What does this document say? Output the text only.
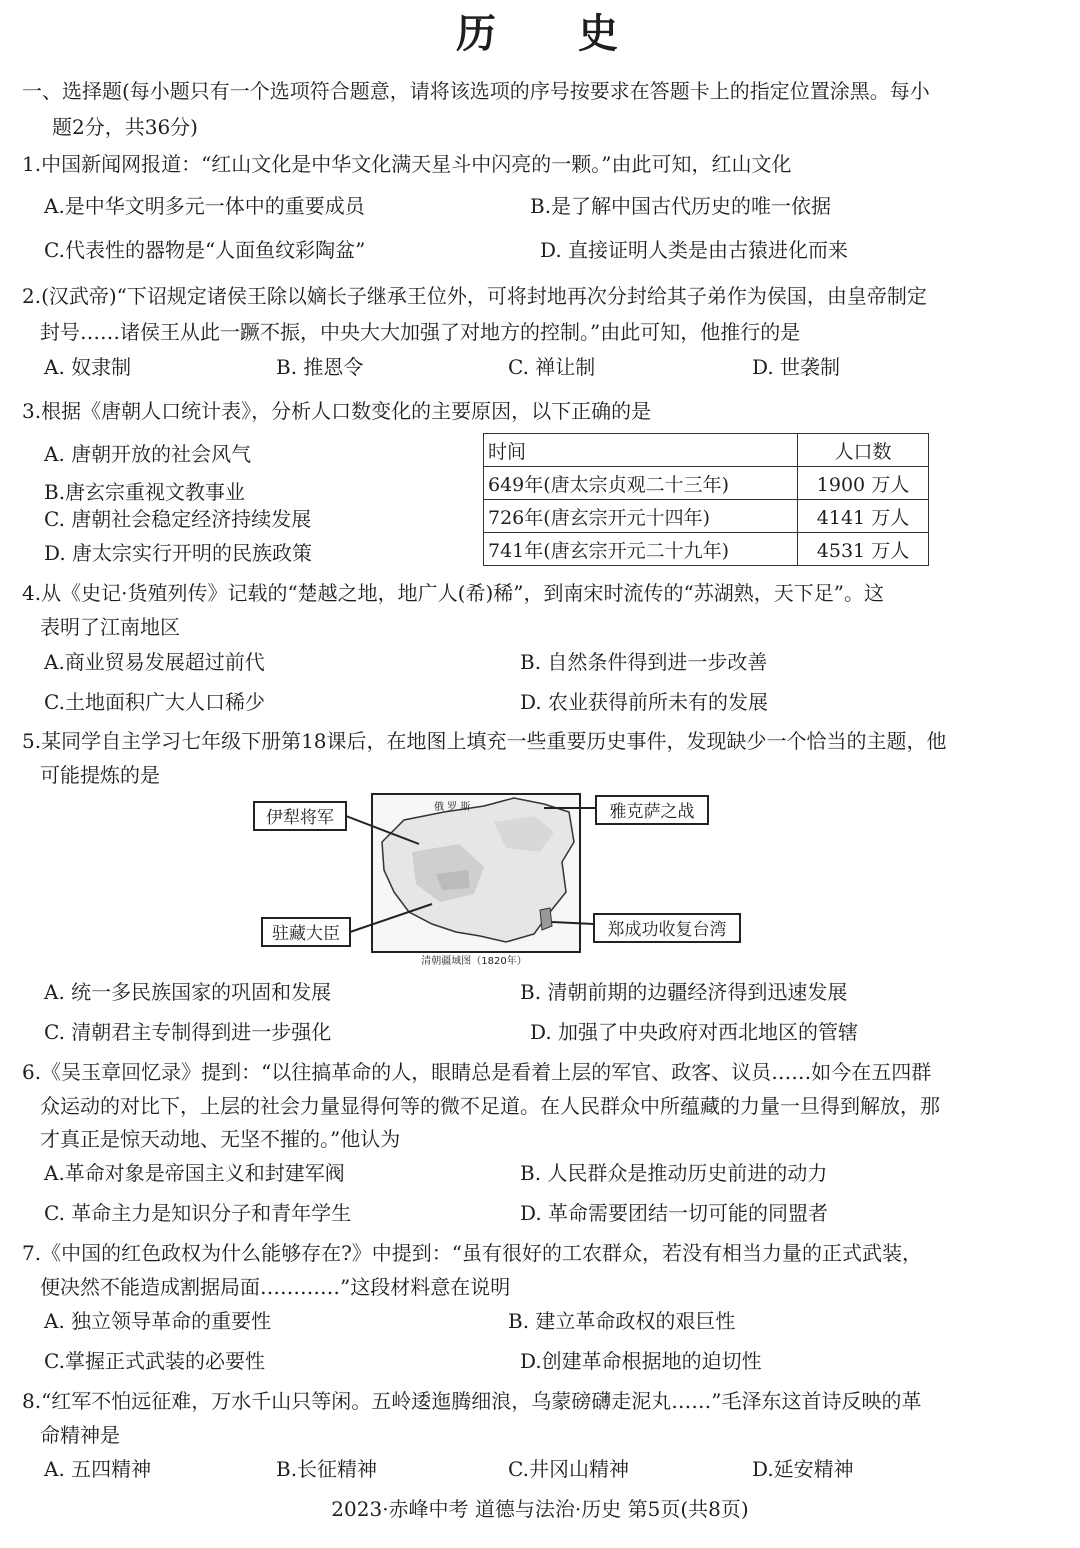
历 史
一、选择题(每小题只有一个选项符合题意，请将该选项的序号按要求在答题卡上的指定位置涂黑。每小
题2分，共36分)
1.中国新闻网报道：“红山文化是中华文化满天星斗中闪亮的一颗。”由此可知，红山文化
A.是中华文明多元一体中的重要成员	B.是了解中国古代历史的唯一依据
C.代表性的器物是“人面鱼纹彩陶盆”	D. 直接证明人类是由古猿进化而来
2.(汉武帝)“下诏规定诸侯王除以嫡长子继承王位外，可将封地再次分封给其子弟作为侯国，由皇帝制定
封号……诸侯王从此一蹶不振，中央大大加强了对地方的控制。”由此可知，他推行的是
A. 奴隶制	B. 推恩令	C. 禅让制	D. 世袭制
3.根据《唐朝人口统计表》，分析人口数变化的主要原因，以下正确的是
A. 唐朝开放的社会风气
B.唐玄宗重视文教事业
C. 唐朝社会稳定经济持续发展
D. 唐太宗实行开明的民族政策
时间	人口数
649年(唐太宗贞观二十三年)	1900 万人
726年(唐玄宗开元十四年)	4141 万人
741年(唐玄宗开元二十九年)	4531 万人
4.从《史记·货殖列传》记载的“楚越之地，地广人(希)稀”，到南宋时流传的“苏湖熟，天下足”。这
表明了江南地区
A.商业贸易发展超过前代	B. 自然条件得到进一步改善
C.土地面积广大人口稀少	D. 农业获得前所未有的发展
5.某同学自主学习七年级下册第18课后，在地图上填充一些重要历史事件，发现缺少一个恰当的主题，他
可能提炼的是
俄 罗 斯
伊犁将军
驻藏大臣
雅克萨之战
郑成功收复台湾
清朝疆域图（1820年）
A. 统一多民族国家的巩固和发展	B. 清朝前期的边疆经济得到迅速发展
C. 清朝君主专制得到进一步强化	D. 加强了中央政府对西北地区的管辖
6.《吴玉章回忆录》提到：“以往搞革命的人，眼睛总是看着上层的军官、政客、议员……如今在五四群
众运动的对比下，上层的社会力量显得何等的微不足道。在人民群众中所蕴藏的力量一旦得到解放，那
才真正是惊天动地、无坚不摧的。”他认为
A.革命对象是帝国主义和封建军阀	B. 人民群众是推动历史前进的动力
C. 革命主力是知识分子和青年学生	D. 革命需要团结一切可能的同盟者
7.《中国的红色政权为什么能够存在?》中提到：“虽有很好的工农群众，若没有相当力量的正式武装，
便决然不能造成割据局面…………”这段材料意在说明
A. 独立领导革命的重要性	B. 建立革命政权的艰巨性
C.掌握正式武装的必要性	D.创建革命根据地的迫切性
8.“红军不怕远征难，万水千山只等闲。五岭逶迤腾细浪，乌蒙磅礴走泥丸……”毛泽东这首诗反映的革
命精神是
A. 五四精神	B.长征精神	C.井冈山精神	D.延安精神
2023·赤峰中考 道德与法治·历史 第5页(共8页)
